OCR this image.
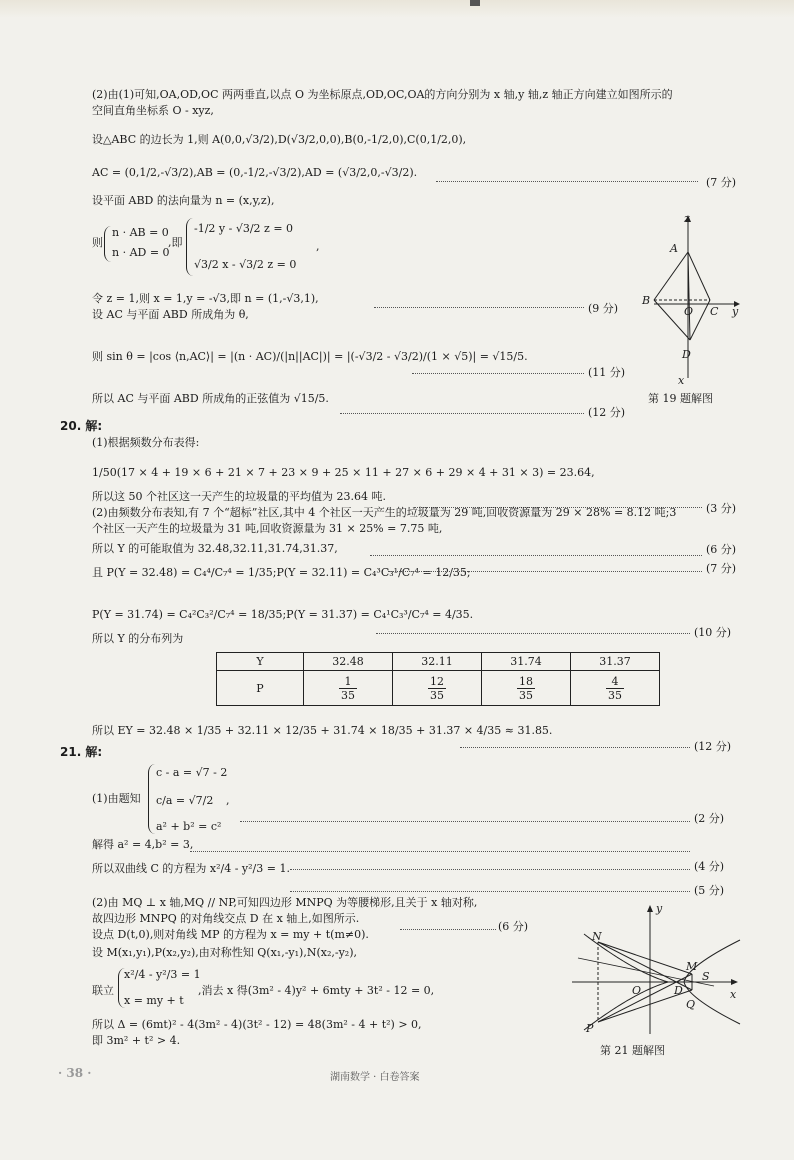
(2)由(1)可知,OA,OD,OC 两两垂直,以点 O 为坐标原点,OD,OC,OA的方向分别为 x 轴,y 轴,z 轴正方向建立如图所示的
空间直角坐标系 O - xyz,
设△ABC 的边长为 1,则 A(0,0,√3/2),D(√3/2,0,0),B(0,-1/2,0),C(0,1/2,0),
AC = (0,1/2,-√3/2),AB = (0,-1/2,-√3/2),AD = (√3/2,0,-√3/2).
(7 分)
设平面 ABD 的法向量为 n = (x,y,z),
则
n · AB = 0
n · AD = 0
,即
-1/2 y - √3/2 z = 0
√3/2 x - √3/2 z = 0
,
令 z = 1,则 x = 1,y = -√3,即 n = (1,-√3,1),
(9 分)
设 AC 与平面 ABD 所成角为 θ,
则 sin θ = |cos ⟨n,AC⟩| = |(n · AC)/(|n||AC|)| = |(-√3/2 - √3/2)/(1 × √5)| = √15/5.
(11 分)
所以 AC 与平面 ABD 所成角的正弦值为 √15/5.
(12 分)
z
A
B
O C y
D
x
第 19 题解图
20. 解:
(1)根据频数分布表得:
1/50(17 × 4 + 19 × 6 + 21 × 7 + 23 × 9 + 25 × 11 + 27 × 6 + 29 × 4 + 31 × 3) = 23.64,
所以这 50 个社区这一天产生的垃圾量的平均值为 23.64 吨.
(3 分)
(2)由频数分布表知,有 7 个“超标”社区,其中 4 个社区一天产生的垃圾量为 29 吨,回收资源量为 29 × 28% = 8.12 吨;3
个社区一天产生的垃圾量为 31 吨,回收资源量为 31 × 25% = 7.75 吨,
所以 Y 的可能取值为 32.48,32.11,31.74,31.37,	(6 分)
且 P(Y = 32.48) = C₄⁴/C₇⁴ = 1/35;P(Y = 32.11) = C₄³C₃¹/C₇⁴ = 12/35;	(7 分)
P(Y = 31.74) = C₄²C₃²/C₇⁴ = 18/35;P(Y = 31.37) = C₄¹C₃³/C₇⁴ = 4/35.
(10 分)
所以 Y 的分布列为
Y	32.48	32.11	31.74	31.37
P	$\frac{1}{35}$	$\frac{12}{35}$	$\frac{18}{35}$	$\frac{4}{35}$
所以 EY = 32.48 × 1/35 + 32.11 × 12/35 + 31.74 × 18/35 + 31.37 × 4/35 ≈ 31.85.
(12 分)
21. 解:
(1)由题知
c - a = √7 - 2
c/a = √7/2
a² + b² = c²
,
(2 分)
解得 a² = 4,b² = 3,
所以双曲线 C 的方程为 x²/4 - y²/3 = 1.	(4 分)
(5 分)
(2)由 MQ ⊥ x 轴,MQ // NP,可知四边形 MNPQ 为等腰梯形,且关于 x 轴对称,
故四边形 MNPQ 的对角线交点 D 在 x 轴上,如图所示.
(6 分)
设点 D(t,0),则对角线 MP 的方程为 x = my + t(m≠0).
设 M(x₁,y₁),P(x₂,y₂),由对称性知 Q(x₁,-y₁),N(x₂,-y₂),
联立
x²/4 - y²/3 = 1
x = my + t
,消去 x 得(3m² - 4)y² + 6mty + 3t² - 12 = 0,
所以 Δ = (6mt)² - 4(3m² - 4)(3t² - 12) = 48(3m² - 4 + t²) > 0,
即 3m² + t² > 4.
y
N
M
S
O	D
Q
P
x
第 21 题解图
· 38 ·	湖南数学 · 白卷答案
